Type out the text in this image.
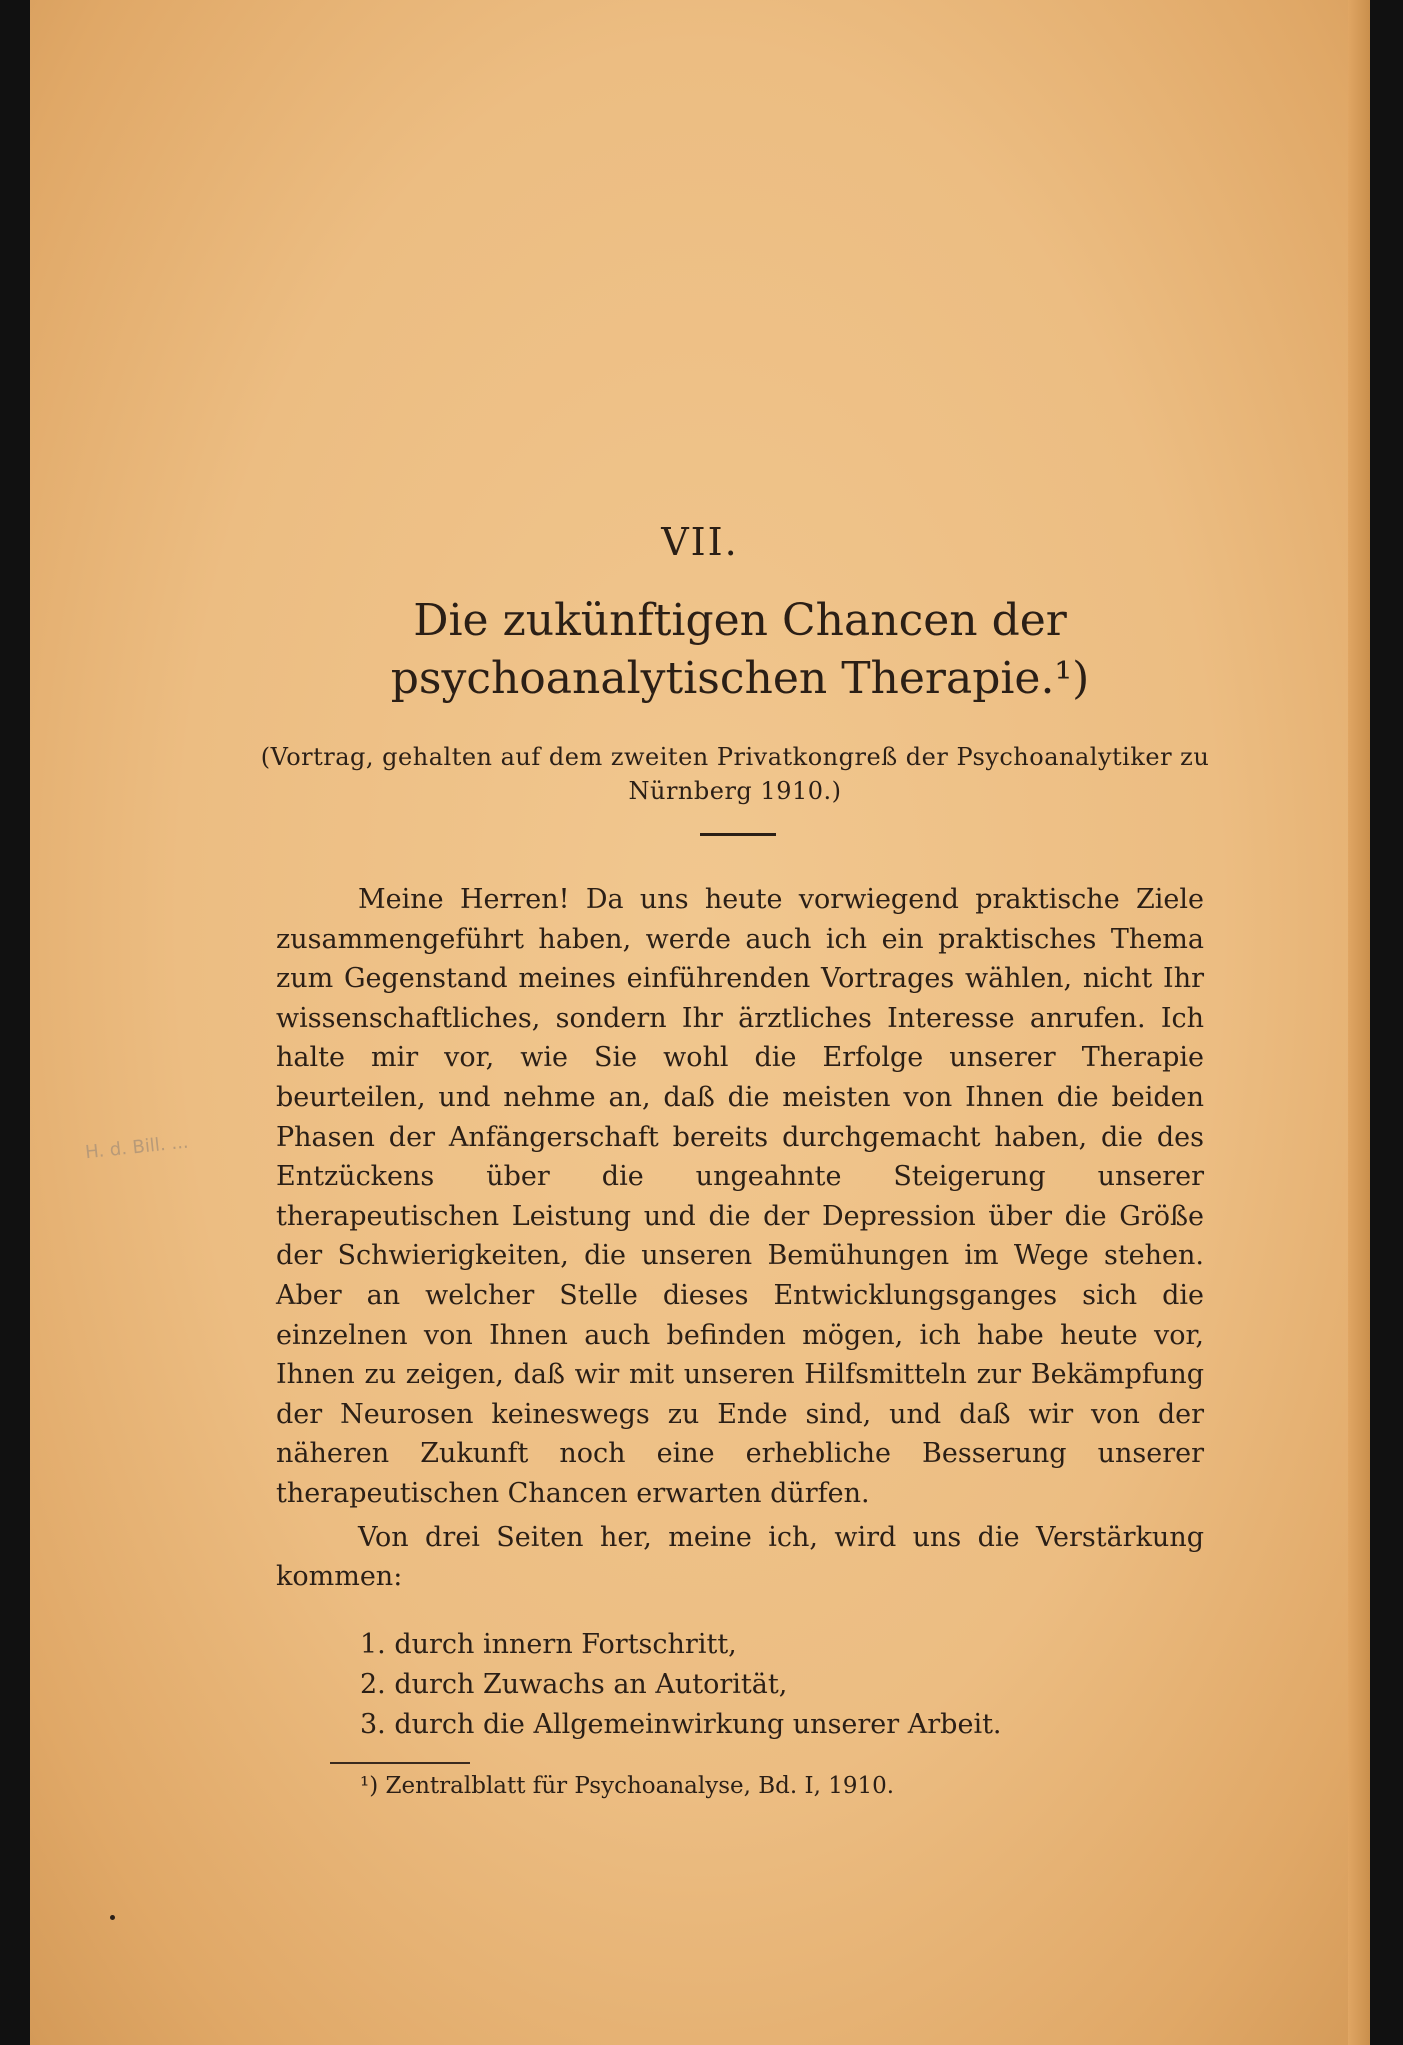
VII.
Die zukünftigen Chancen der psychoanalytischen Therapie.¹)
(Vortrag, gehalten auf dem zweiten Privatkongreß der Psychoanalytiker zu Nürnberg 1910.)

Meine Herren! Da uns heute vorwiegend praktische Ziele zusammengeführt haben, werde auch ich ein praktisches Thema zum Gegenstand meines einführenden Vortrages wählen, nicht Ihr wissenschaftliches, sondern Ihr ärztliches Interesse anrufen. Ich halte mir vor, wie Sie wohl die Erfolge unserer Therapie beurteilen, und nehme an, daß die meisten von Ihnen die beiden Phasen der Anfängerschaft bereits durchgemacht haben, die des Entzückens über die ungeahnte Steigerung unserer therapeutischen Leistung und die der Depression über die Größe der Schwierigkeiten, die unseren Bemühungen im Wege stehen. Aber an welcher Stelle dieses Entwicklungsganges sich die einzelnen von Ihnen auch befinden mögen, ich habe heute vor, Ihnen zu zeigen, daß wir mit unseren Hilfsmitteln zur Bekämpfung der Neurosen keineswegs zu Ende sind, und daß wir von der näheren Zukunft noch eine erhebliche Besserung unserer therapeutischen Chancen erwarten dürfen.

Von drei Seiten her, meine ich, wird uns die Verstärkung kommen:

1. durch innern Fortschritt,
2. durch Zuwachs an Autorität,
3. durch die Allgemeinwirkung unserer Arbeit.
¹) Zentralblatt für Psychoanalyse, Bd. I, 1910.
H. d. Bill. ...
